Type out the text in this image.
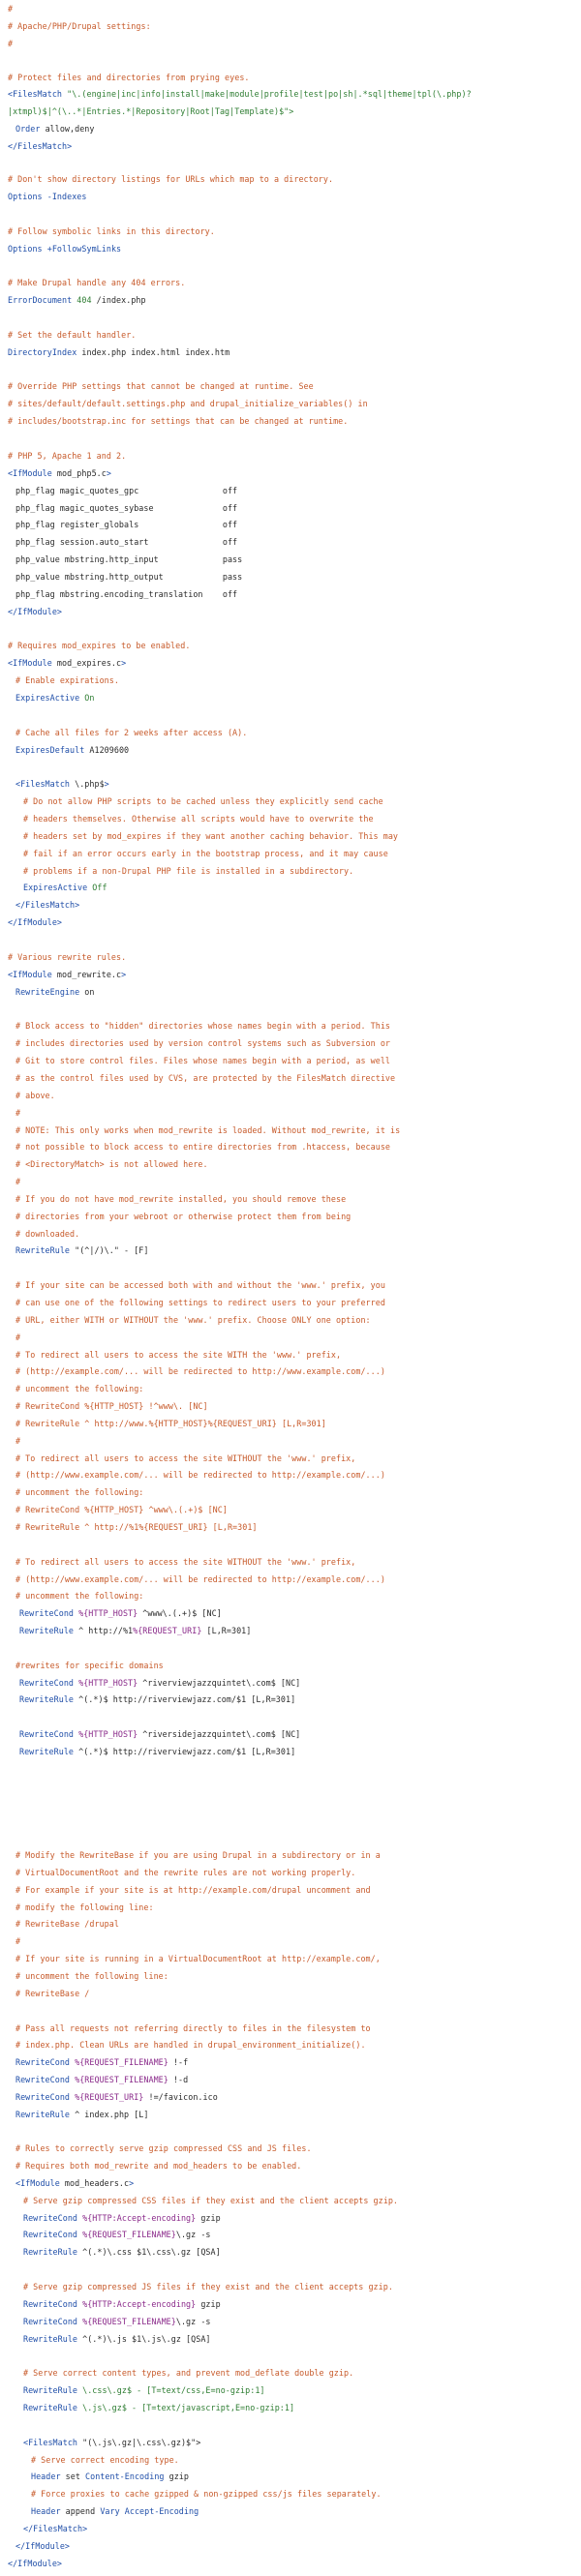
#
# Apache/PHP/Drupal settings:
#
# Protect files and directories from prying eyes.
<FilesMatch "\.(engine|inc|info|install|make|module|profile|test|po|sh|.*sql|theme|tpl(\.php)?
|xtmpl)$|^(\..*|Entries.*|Repository|Root|Tag|Template)$">
Order allow,deny
</FilesMatch>
# Don't show directory listings for URLs which map to a directory.
Options -Indexes
# Follow symbolic links in this directory.
Options +FollowSymLinks
# Make Drupal handle any 404 errors.
ErrorDocument 404 /index.php
# Set the default handler.
DirectoryIndex index.php index.html index.htm
# Override PHP settings that cannot be changed at runtime. See
# sites/default/default.settings.php and drupal_initialize_variables() in
# includes/bootstrap.inc for settings that can be changed at runtime.
# PHP 5, Apache 1 and 2.
<IfModule mod_php5.c>
php_flag magic_quotes_gpc                 off
php_flag magic_quotes_sybase              off
php_flag register_globals                 off
php_flag session.auto_start               off
php_value mbstring.http_input             pass
php_value mbstring.http_output            pass
php_flag mbstring.encoding_translation    off
</IfModule>
# Requires mod_expires to be enabled.
<IfModule mod_expires.c>
# Enable expirations.
ExpiresActive On
# Cache all files for 2 weeks after access (A).
ExpiresDefault A1209600
<FilesMatch \.php$>
# Do not allow PHP scripts to be cached unless they explicitly send cache
# headers themselves. Otherwise all scripts would have to overwrite the
# headers set by mod_expires if they want another caching behavior. This may
# fail if an error occurs early in the bootstrap process, and it may cause
# problems if a non-Drupal PHP file is installed in a subdirectory.
ExpiresActive Off
</FilesMatch>
</IfModule>
# Various rewrite rules.
<IfModule mod_rewrite.c>
RewriteEngine on
# Block access to "hidden" directories whose names begin with a period. This
# includes directories used by version control systems such as Subversion or
# Git to store control files. Files whose names begin with a period, as well
# as the control files used by CVS, are protected by the FilesMatch directive
# above.
#
# NOTE: This only works when mod_rewrite is loaded. Without mod_rewrite, it is
# not possible to block access to entire directories from .htaccess, because
# <DirectoryMatch> is not allowed here.
#
# If you do not have mod_rewrite installed, you should remove these
# directories from your webroot or otherwise protect them from being
# downloaded.
RewriteRule "(^|/)\." - [F]
# If your site can be accessed both with and without the 'www.' prefix, you
# can use one of the following settings to redirect users to your preferred
# URL, either WITH or WITHOUT the 'www.' prefix. Choose ONLY one option:
#
# To redirect all users to access the site WITH the 'www.' prefix,
# (http://example.com/... will be redirected to http://www.example.com/...)
# uncomment the following:
# RewriteCond %{HTTP_HOST} !^www\. [NC]
# RewriteRule ^ http://www.%{HTTP_HOST}%{REQUEST_URI} [L,R=301]
#
# To redirect all users to access the site WITHOUT the 'www.' prefix,
# (http://www.example.com/... will be redirected to http://example.com/...)
# uncomment the following:
# RewriteCond %{HTTP_HOST} ^www\.(.+)$ [NC]
# RewriteRule ^ http://%1%{REQUEST_URI} [L,R=301]
# To redirect all users to access the site WITHOUT the 'www.' prefix,
# (http://www.example.com/... will be redirected to http://example.com/...)
# uncomment the following:
RewriteCond %{HTTP_HOST} ^www\.(.+)$ [NC]
RewriteRule ^ http://%1%{REQUEST_URI} [L,R=301]
#rewrites for specific domains
RewriteCond %{HTTP_HOST} ^riverviewjazzquintet\.com$ [NC]
RewriteRule ^(.*)$ http://riverviewjazz.com/$1 [L,R=301]
RewriteCond %{HTTP_HOST} ^riversidejazzquintet\.com$ [NC]
RewriteRule ^(.*)$ http://riverviewjazz.com/$1 [L,R=301]
# Modify the RewriteBase if you are using Drupal in a subdirectory or in a
# VirtualDocumentRoot and the rewrite rules are not working properly.
# For example if your site is at http://example.com/drupal uncomment and
# modify the following line:
# RewriteBase /drupal
#
# If your site is running in a VirtualDocumentRoot at http://example.com/,
# uncomment the following line:
# RewriteBase /
# Pass all requests not referring directly to files in the filesystem to
# index.php. Clean URLs are handled in drupal_environment_initialize().
RewriteCond %{REQUEST_FILENAME} !-f
RewriteCond %{REQUEST_FILENAME} !-d
RewriteCond %{REQUEST_URI} !=/favicon.ico
RewriteRule ^ index.php [L]
# Rules to correctly serve gzip compressed CSS and JS files.
# Requires both mod_rewrite and mod_headers to be enabled.
<IfModule mod_headers.c>
# Serve gzip compressed CSS files if they exist and the client accepts gzip.
RewriteCond %{HTTP:Accept-encoding} gzip
RewriteCond %{REQUEST_FILENAME}\.gz -s
RewriteRule ^(.*)\.css $1\.css\.gz [QSA]
# Serve gzip compressed JS files if they exist and the client accepts gzip.
RewriteCond %{HTTP:Accept-encoding} gzip
RewriteCond %{REQUEST_FILENAME}\.gz -s
RewriteRule ^(.*)\.js $1\.js\.gz [QSA]
# Serve correct content types, and prevent mod_deflate double gzip.
RewriteRule \.css\.gz$ - [T=text/css,E=no-gzip:1]
RewriteRule \.js\.gz$ - [T=text/javascript,E=no-gzip:1]
<FilesMatch "(\.js\.gz|\.css\.gz)$">
# Serve correct encoding type.
Header set Content-Encoding gzip
# Force proxies to cache gzipped & non-gzipped css/js files separately.
Header append Vary Accept-Encoding
</FilesMatch>
</IfModule>
</IfModule>
